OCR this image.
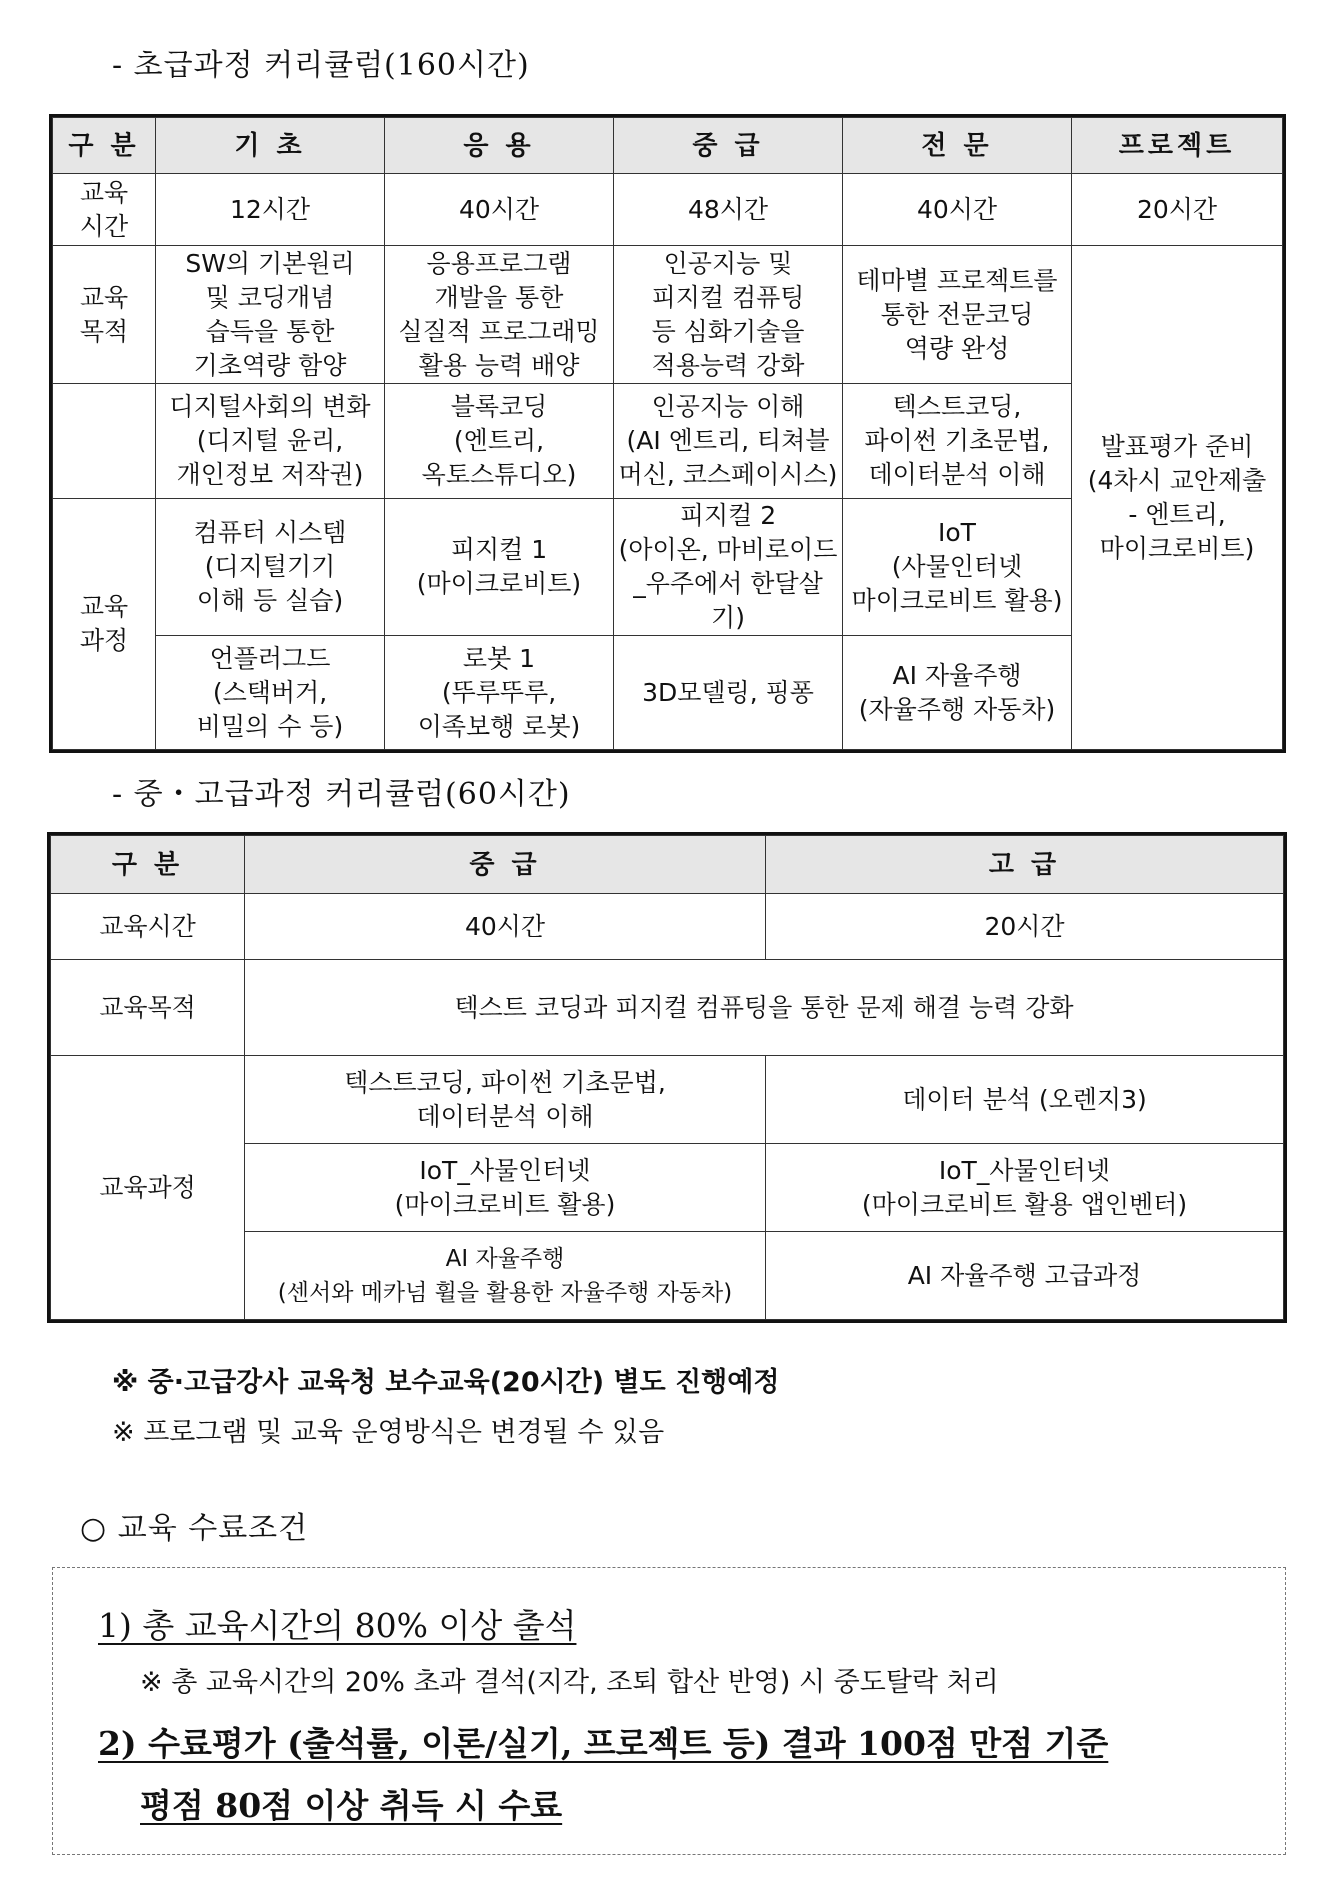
- 초급과정 커리큘럼(160시간)
구 분	기 초	응 용	중 급	전 문	프로젝트
교육
시간	12시간	40시간	48시간	40시간	20시간
교육
목적	SW의 기본원리
및 코딩개념
습득을 통한
기초역량 함양	응용프로그램
개발을 통한
실질적 프로그래밍
활용 능력 배양	인공지능 및
피지컬 컴퓨팅
등 심화기술을
적용능력 강화	테마별 프로젝트를
통한 전문코딩
역량 완성	발표평가 준비
(4차시 교안제출
- 엔트리,
마이크로비트)
	디지털사회의 변화
(디지털 윤리,
개인정보 저작권)	블록코딩
(엔트리,
옥토스튜디오)	인공지능 이해
(AI 엔트리, 티쳐블
머신, 코스페이시스)	텍스트코딩,
파이썬 기초문법,
데이터분석 이해	
교육
과정	컴퓨터 시스템
(디지털기기
이해 등 실습)	피지컬 1
(마이크로비트)	피지컬 2
(아이온, 마비로이드
_우주에서 한달살기)	IoT
(사물인터넷
마이크로비트 활용)	
	언플러그드
(스택버거,
비밀의 수 등)	로봇 1
(뚜루뚜루,
이족보행 로봇)	3D모델링, 핑퐁	AI 자율주행
(자율주행 자동차)	
- 중・고급과정 커리큘럼(60시간)
구 분	중 급	고 급
교육시간	40시간	20시간
교육목적	텍스트 코딩과 피지컬 컴퓨팅을 통한 문제 해결 능력 강화	
교육과정	텍스트코딩, 파이썬 기초문법,
데이터분석 이해	데이터 분석 (오렌지3)
	IoT_사물인터넷
(마이크로비트 활용)	IoT_사물인터넷
(마이크로비트 활용 앱인벤터)
	AI 자율주행
(센서와 메카넘 휠을 활용한 자율주행 자동차)	AI 자율주행 고급과정
※ 중·고급강사 교육청 보수교육(20시간) 별도 진행예정
※ 프로그램 및 교육 운영방식은 변경될 수 있음
○ 교육 수료조건
1) 총 교육시간의 80% 이상 출석
※ 총 교육시간의 20% 초과 결석(지각, 조퇴 합산 반영) 시 중도탈락 처리
2) 수료평가 (출석률, 이론/실기, 프로젝트 등) 결과 100점 만점 기준
평점 80점 이상 취득 시 수료
